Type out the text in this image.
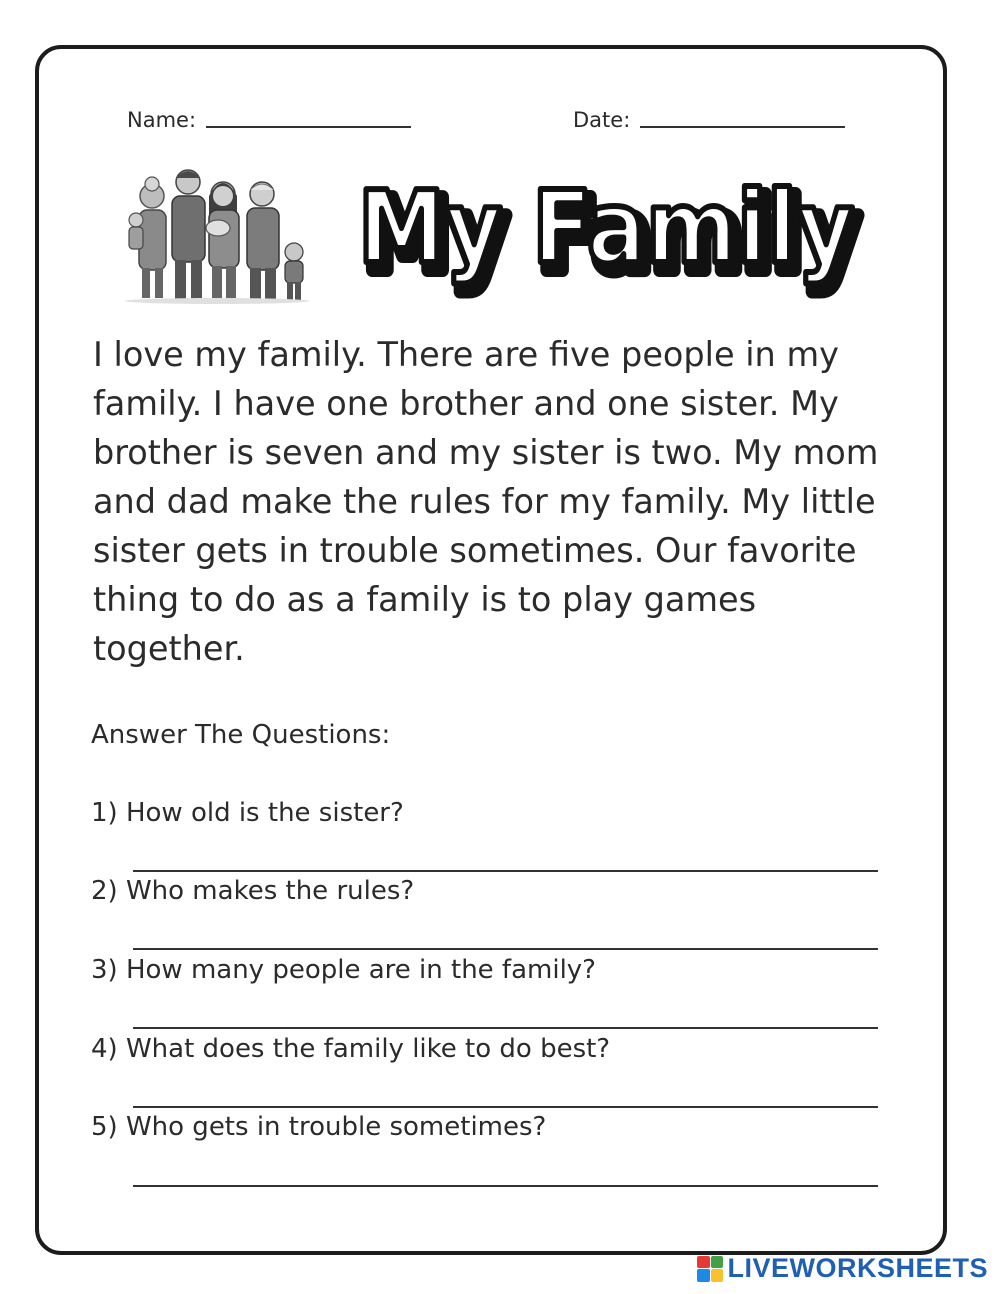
Name:	Date:
My Family
My Family

I love my family. There are five people in my family. I have one brother and one sister. My brother is seven and my sister is two. My mom and dad make the rules for my family. My little sister gets in trouble sometimes. Our favorite thing to do as a family is to play games together.

Answer The Questions:
1) How old is the sister?
2) Who makes the rules?
3) How many people are in the family?
4) What does the family like to do best?
5) Who gets in trouble sometimes?
LIVEWORKSHEETS
